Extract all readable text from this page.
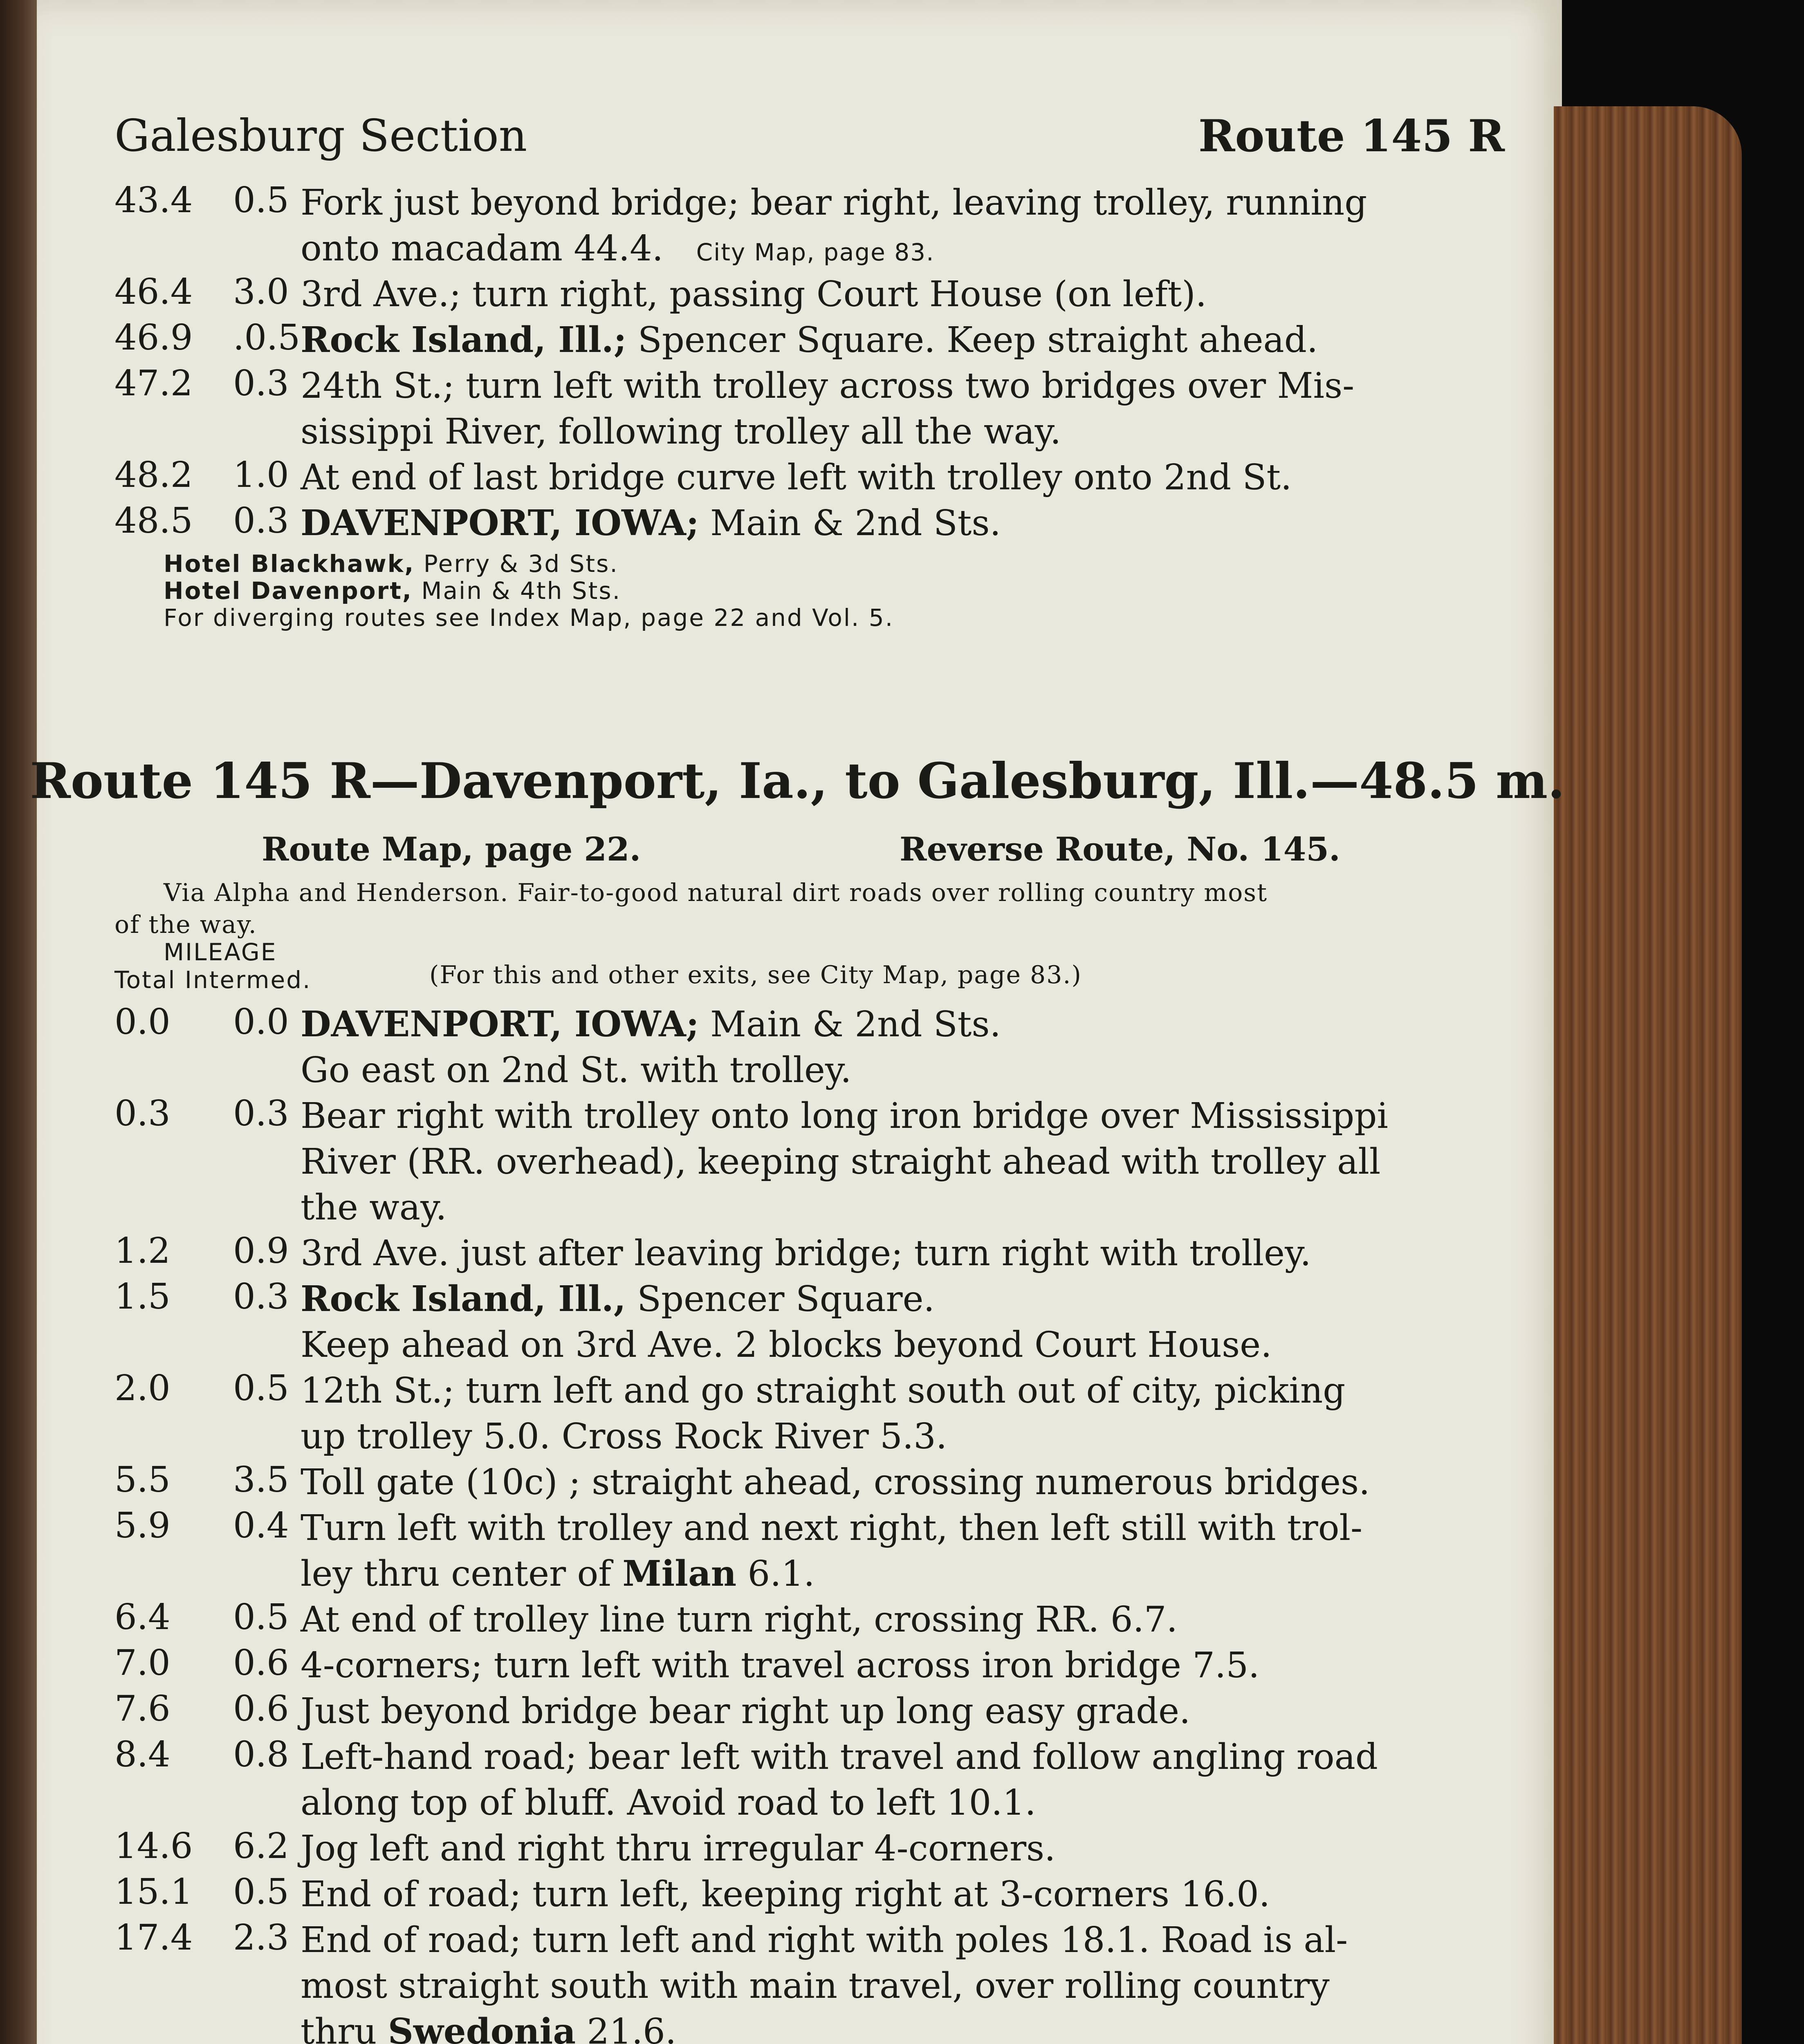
Galesburg Section	Route 145 R
43.4 0.5 Fork just beyond bridge; bear right, leaving trolley, running
onto macadam 44.4. City Map, page 83.
46.4 3.0 3rd Ave.; turn right, passing Court House (on left).
46.9 .0.5 Rock Island, Ill.; Spencer Square. Keep straight ahead.
47.2 0.3 24th St.; turn left with trolley across two bridges over Mis-
sissippi River, following trolley all the way.
48.2 1.0 At end of last bridge curve left with trolley onto 2nd St.
48.5 0.3 DAVENPORT, IOWA; Main & 2nd Sts.
Hotel Blackhawk, Perry & 3d Sts.
Hotel Davenport, Main & 4th Sts.
For diverging routes see Index Map, page 22 and Vol. 5.
Route 145 R—Davenport, Ia., to Galesburg, Ill.—48.5 m.
Route Map, page 22.	Reverse Route, No. 145.
Via Alpha and Henderson. Fair-to-good natural dirt roads over rolling country most
of the way.
MILEAGE
Total Intermed.	(For this and other exits, see City Map, page 83.)
0.0	0.0 DAVENPORT, IOWA; Main & 2nd Sts.
Go east on 2nd St. with trolley.
0.3	0.3 Bear right with trolley onto long iron bridge over Mississippi
River (RR. overhead), keeping straight ahead with trolley all
the way.
1.2	0.9 3rd Ave. just after leaving bridge; turn right with trolley.
1.5	0.3 Rock Island, Ill., Spencer Square.
Keep ahead on 3rd Ave. 2 blocks beyond Court House.
2.0	0.5 12th St.; turn left and go straight south out of city, picking
up trolley 5.0. Cross Rock River 5.3.
5.5	3.5 Toll gate (10c) ; straight ahead, crossing numerous bridges.
5.9	0.4 Turn left with trolley and next right, then left still with trol-
ley thru center of Milan 6.1.
6.4	0.5 At end of trolley line turn right, crossing RR. 6.7.
7.0	0.6 4-corners; turn left with travel across iron bridge 7.5.
7.6	0.6 Just beyond bridge bear right up long easy grade.
8.4	0.8 Left-hand road; bear left with travel and follow angling road
along top of bluff. Avoid road to left 10.1.
14.6 6.2 Jog left and right thru irregular 4-corners.
15.1 0.5 End of road; turn left, keeping right at 3-corners 16.0.
17.4 2.3 End of road; turn left and right with poles 18.1. Road is al-
most straight south with main travel, over rolling country
thru Swedonia 21.6.
